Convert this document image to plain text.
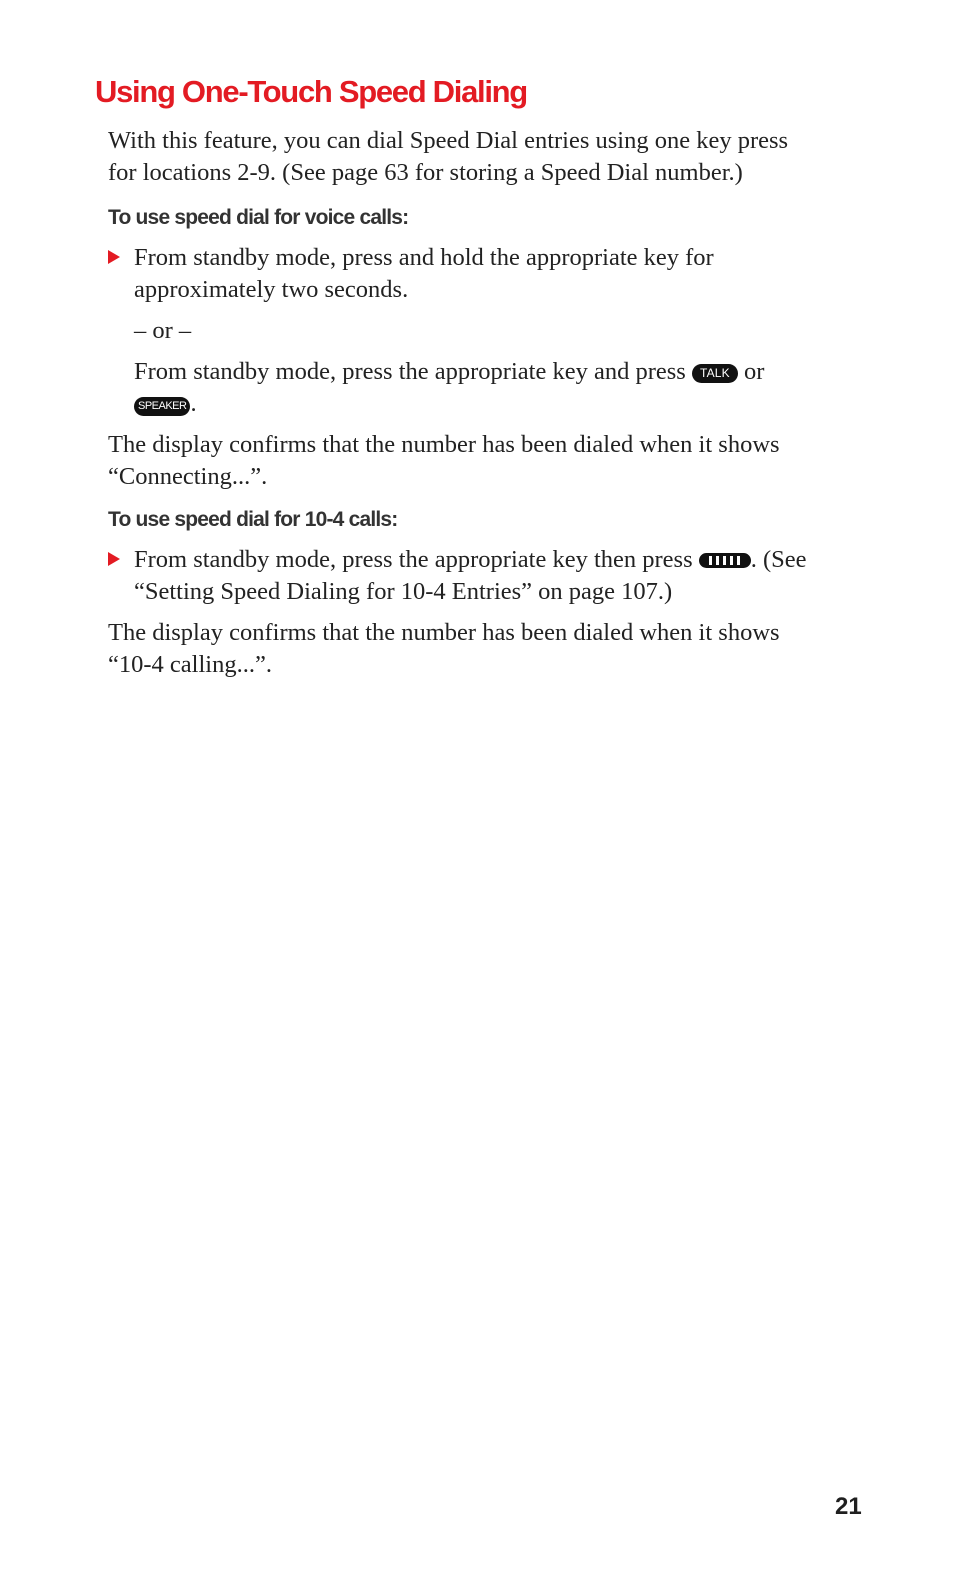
Using One-Touch Speed Dialing

With this feature, you can dial Speed Dial entries using one key press for locations 2-9. (See page 63 for storing a Speed Dial number.)

To use speed dial for voice calls:

From standby mode, press and hold the appropriate key for approximately two seconds.

– or –

From standby mode, press the appropriate key and press TALK or SPEAKER .

The display confirms that the number has been dialed when it shows “Connecting...”.

To use speed dial for 10-4 calls:

From standby mode, press the appropriate key then press . (See “Setting Speed Dialing for 10-4 Entries” on page 107.)

The display confirms that the number has been dialed when it shows “10-4 calling...”.

21
